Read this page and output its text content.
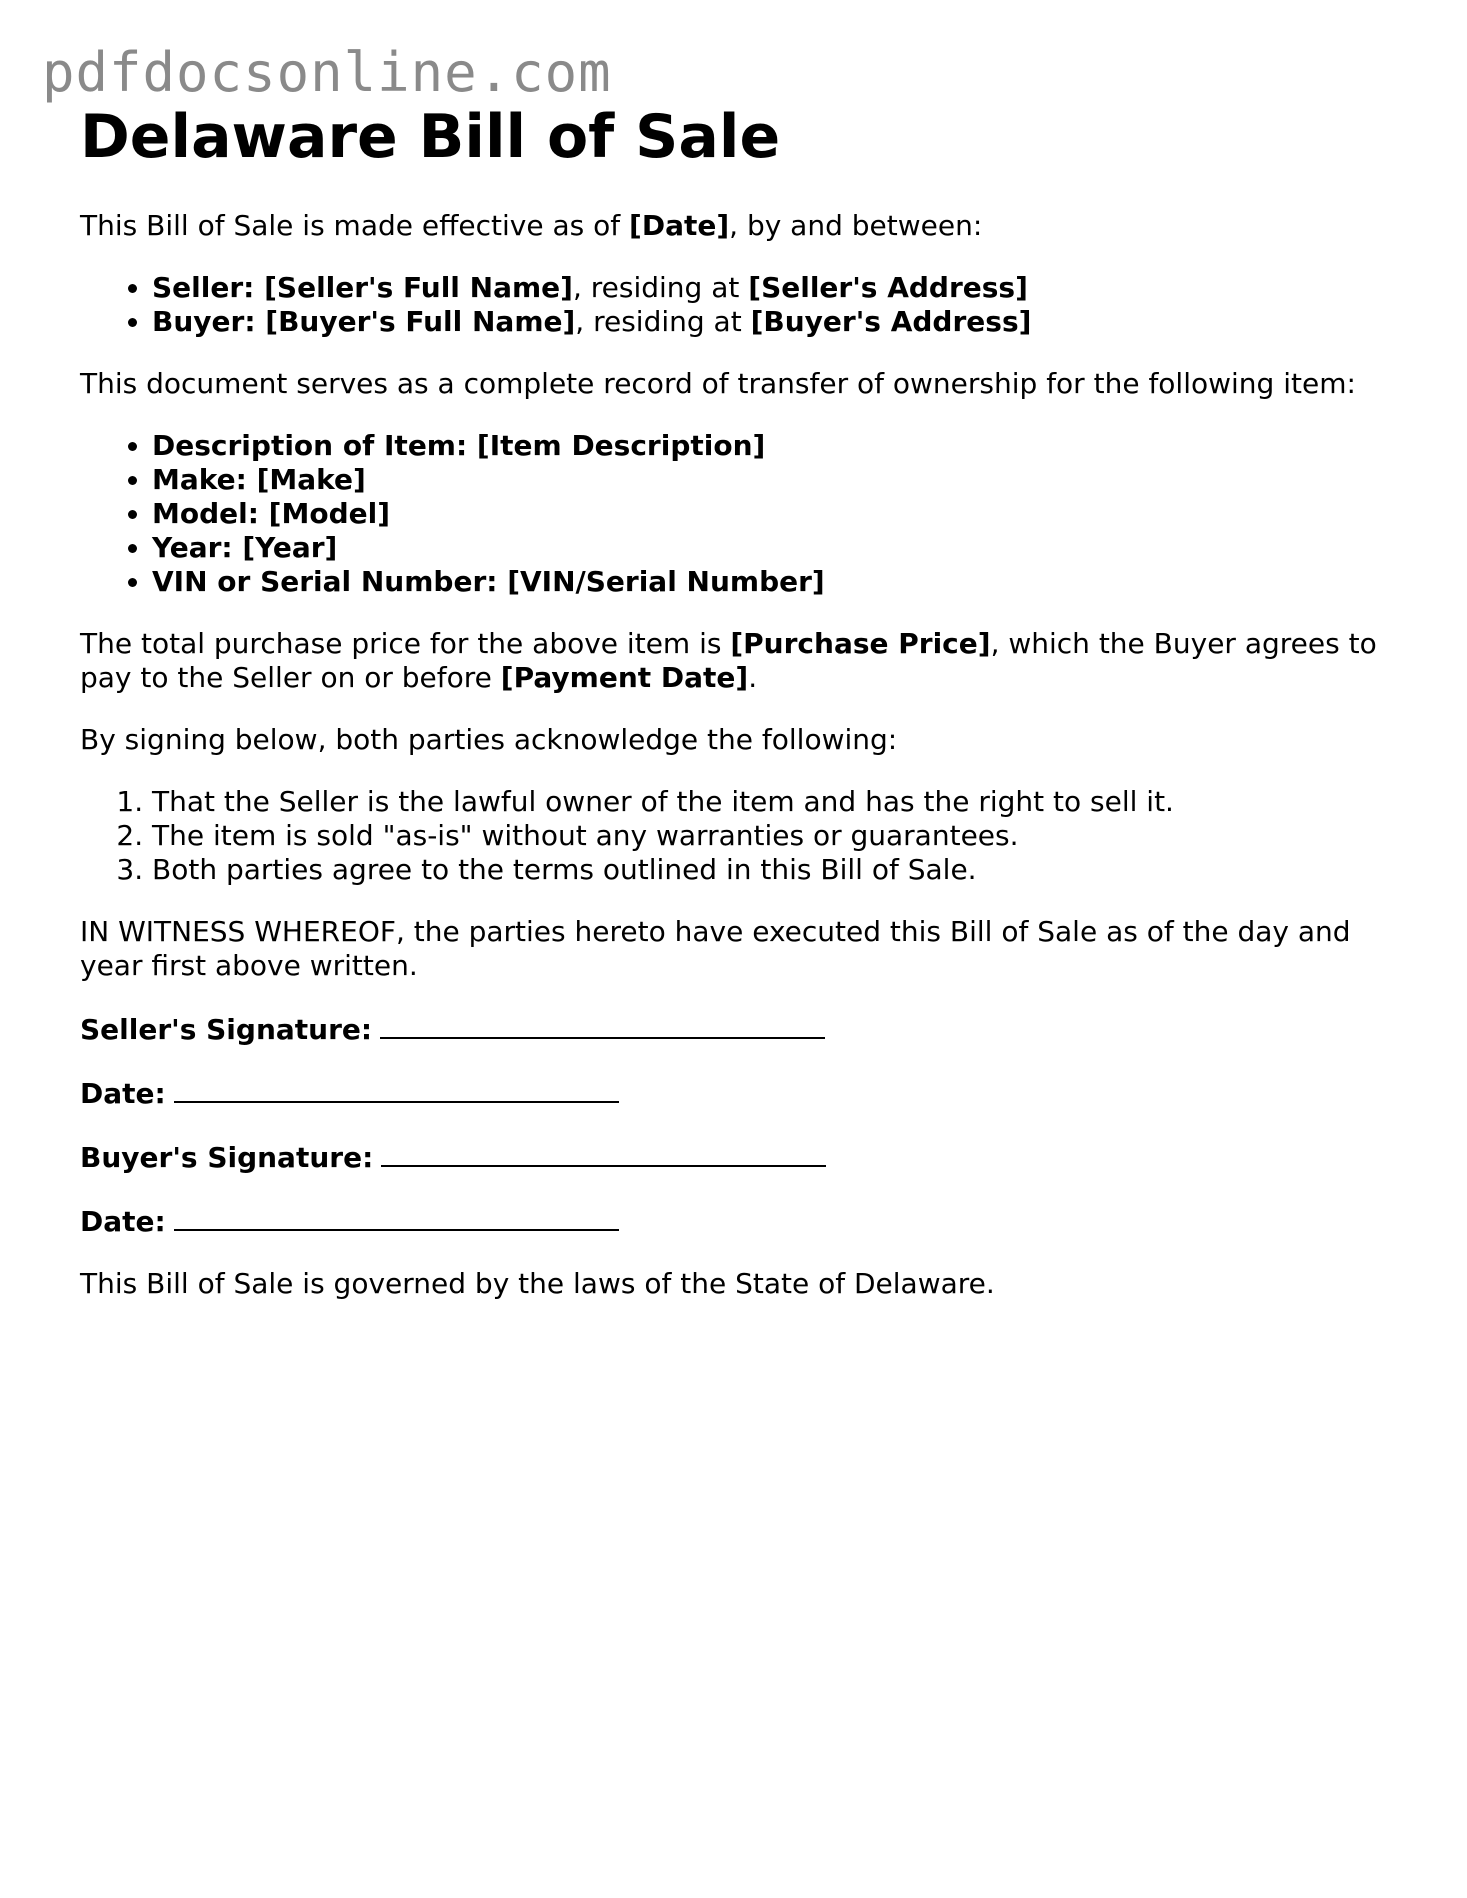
pdfdocsonline.com
Delaware Bill of Sale

This Bill of Sale is made effective as of [Date], by and between:

• Seller: [Seller's Full Name], residing at [Seller's Address]
• Buyer: [Buyer's Full Name], residing at [Buyer's Address]

This document serves as a complete record of transfer of ownership for the following item:

• Description of Item: [Item Description]
• Make: [Make]
• Model: [Model]
• Year: [Year]
• VIN or Serial Number: [VIN/Serial Number]

The total purchase price for the above item is [Purchase Price], which the Buyer agrees to pay to the Seller on or before [Payment Date].

By signing below, both parties acknowledge the following:

1. That the Seller is the lawful owner of the item and has the right to sell it.
2. The item is sold "as-is" without any warranties or guarantees.
3. Both parties agree to the terms outlined in this Bill of Sale.

IN WITNESS WHEREOF, the parties hereto have executed this Bill of Sale as of the day and year first above written.

Seller's Signature:

Date:

Buyer's Signature:

Date:

This Bill of Sale is governed by the laws of the State of Delaware.
